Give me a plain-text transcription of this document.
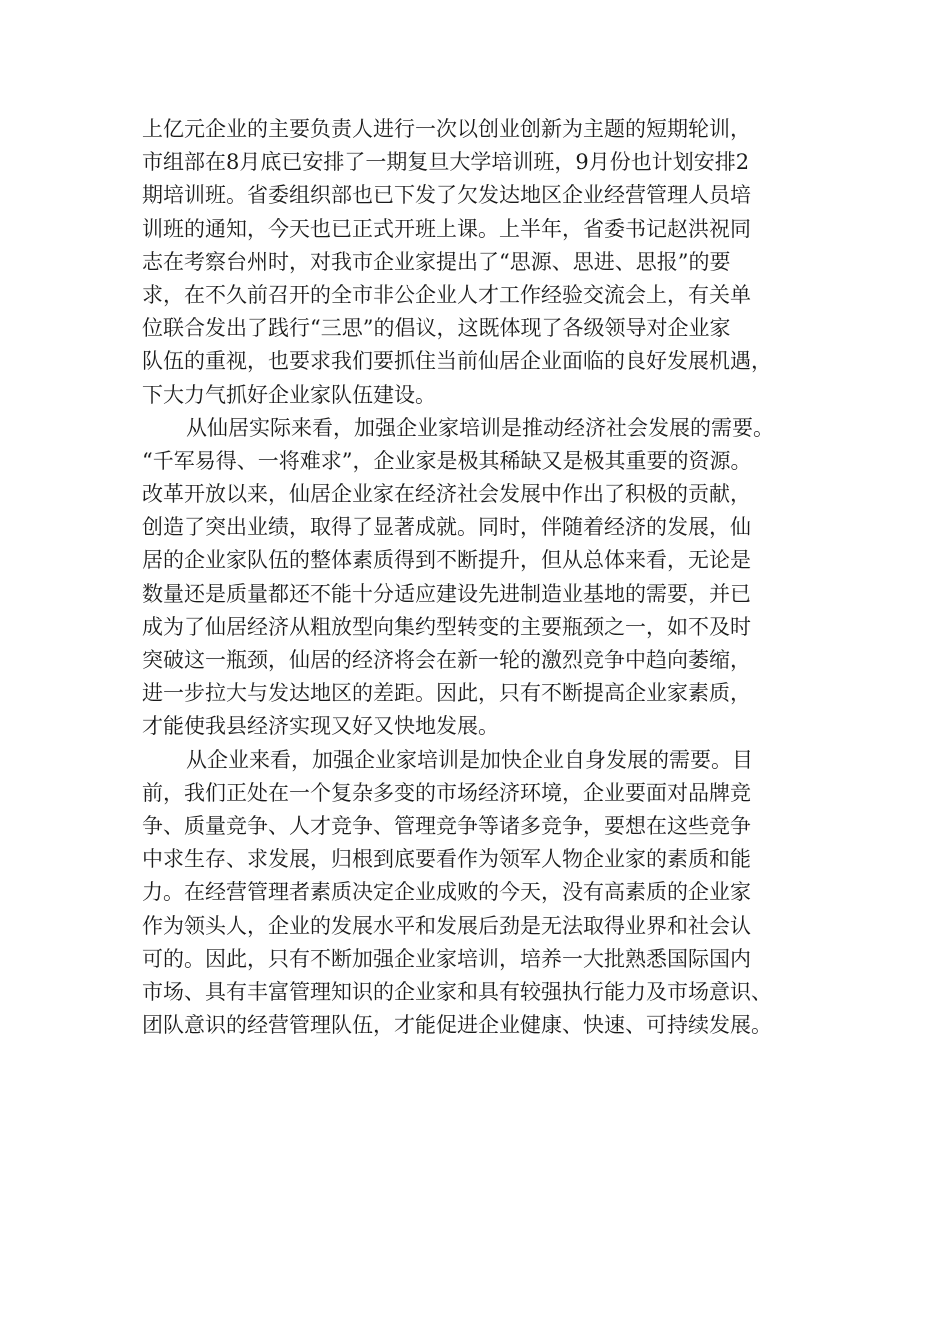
上亿元企业的主要负责人进行一次以创业创新为主题的短期轮训，
市组部在8月底已安排了一期复旦大学培训班，9月份也计划安排2
期培训班。省委组织部也已下发了欠发达地区企业经营管理人员培
训班的通知，今天也已正式开班上课。上半年，省委书记赵洪祝同
志在考察台州时，对我市企业家提出了“思源、思进、思报”的要
求，在不久前召开的全市非公企业人才工作经验交流会上，有关单
位联合发出了践行“三思”的倡议，这既体现了各级领导对企业家
队伍的重视，也要求我们要抓住当前仙居企业面临的良好发展机遇，
下大力气抓好企业家队伍建设。
从仙居实际来看，加强企业家培训是推动经济社会发展的需要。
“千军易得、一将难求”，企业家是极其稀缺又是极其重要的资源。
改革开放以来，仙居企业家在经济社会发展中作出了积极的贡献，
创造了突出业绩，取得了显著成就。同时，伴随着经济的发展，仙
居的企业家队伍的整体素质得到不断提升，但从总体来看，无论是
数量还是质量都还不能十分适应建设先进制造业基地的需要，并已
成为了仙居经济从粗放型向集约型转变的主要瓶颈之一，如不及时
突破这一瓶颈，仙居的经济将会在新一轮的激烈竞争中趋向萎缩，
进一步拉大与发达地区的差距。因此，只有不断提高企业家素质，
才能使我县经济实现又好又快地发展。
从企业来看，加强企业家培训是加快企业自身发展的需要。目
前，我们正处在一个复杂多变的市场经济环境，企业要面对品牌竞
争、质量竞争、人才竞争、管理竞争等诸多竞争，要想在这些竞争
中求生存、求发展，归根到底要看作为领军人物企业家的素质和能
力。在经营管理者素质决定企业成败的今天，没有高素质的企业家
作为领头人，企业的发展水平和发展后劲是无法取得业界和社会认
可的。因此，只有不断加强企业家培训，培养一大批熟悉国际国内
市场、具有丰富管理知识的企业家和具有较强执行能力及市场意识、
团队意识的经营管理队伍，才能促进企业健康、快速、可持续发展。
